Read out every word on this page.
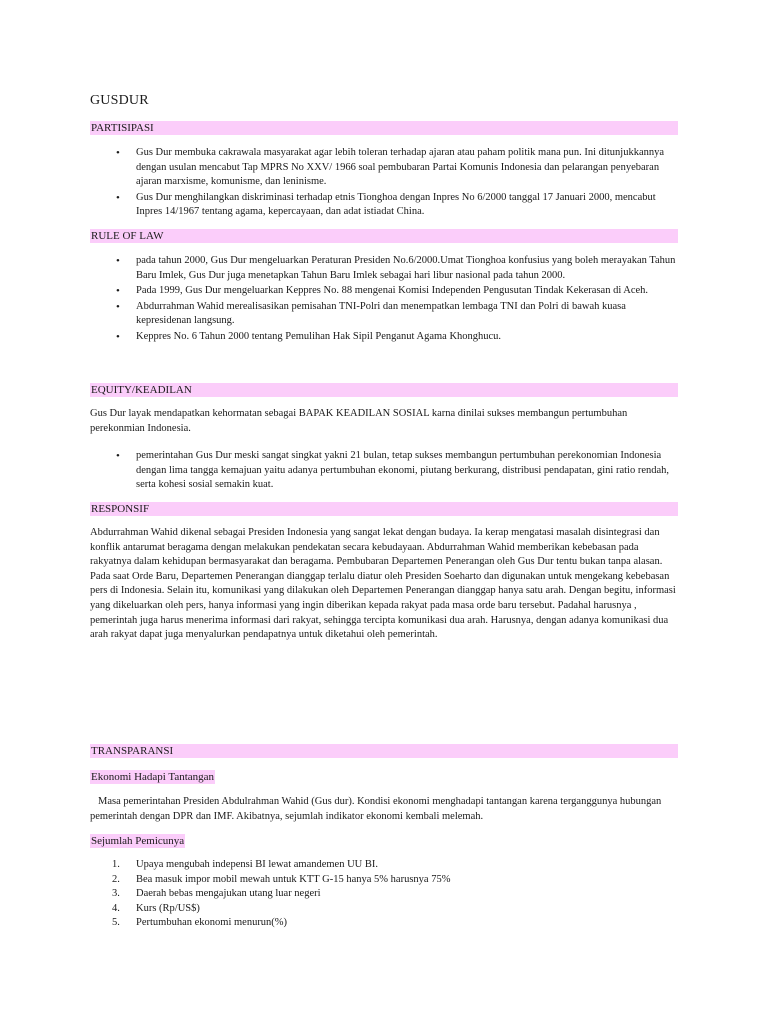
GUSDUR
PARTISIPASI
• Gus Dur membuka cakrawala masyarakat agar lebih toleran terhadap ajaran atau paham politik mana pun. Ini ditunjukkannya dengan usulan mencabut Tap MPRS No XXV/ 1966 soal pembubaran Partai Komunis Indonesia dan pelarangan penyebaran ajaran marxisme, komunisme, dan leninisme.
• Gus Dur menghilangkan diskriminasi terhadap etnis Tionghoa dengan Inpres No 6/2000 tanggal 17 Januari 2000, mencabut Inpres 14/1967 tentang agama, kepercayaan, dan adat istiadat China.
RULE OF LAW
• pada tahun 2000, Gus Dur mengeluarkan Peraturan Presiden No.6/2000.Umat Tionghoa konfusius yang boleh merayakan Tahun Baru Imlek, Gus Dur juga menetapkan Tahun Baru Imlek sebagai hari libur nasional pada tahun 2000.
• Pada 1999, Gus Dur mengeluarkan Keppres No. 88 mengenai Komisi Independen Pengusutan Tindak Kekerasan di Aceh.
• Abdurrahman Wahid merealisasikan pemisahan TNI-Polri dan menempatkan lembaga TNI dan Polri di bawah kuasa kepresidenan langsung.
• Keppres No. 6 Tahun 2000 tentang Pemulihan Hak Sipil Penganut Agama Khonghucu.
EQUITY/KEADILAN

Gus Dur layak mendapatkan kehormatan sebagai BAPAK KEADILAN SOSIAL karna dinilai sukses membangun pertumbuhan perekonmian Indonesia.

• pemerintahan Gus Dur meski sangat singkat yakni 21 bulan, tetap sukses membangun pertumbuhan perekonomian Indonesia dengan lima tangga kemajuan yaitu adanya pertumbuhan ekonomi, piutang berkurang, distribusi pendapatan, gini ratio rendah, serta kohesi sosial semakin kuat.
RESPONSIF

Abdurrahman Wahid dikenal sebagai Presiden Indonesia yang sangat lekat dengan budaya. Ia kerap mengatasi masalah disintegrasi dan konflik antarumat beragama dengan melakukan pendekatan secara kebudayaan. Abdurrahman Wahid memberikan kebebasan pada rakyatnya dalam kehidupan bermasyarakat dan beragama. Pembubaran Departemen Penerangan oleh Gus Dur tentu bukan tanpa alasan. Pada saat Orde Baru, Departemen Penerangan dianggap terlalu diatur oleh Presiden Soeharto dan digunakan untuk mengekang kebebasan pers di Indonesia. Selain itu, komunikasi yang dilakukan oleh Departemen Penerangan dianggap hanya satu arah. Dengan begitu, informasi yang dikeluarkan oleh pers, hanya informasi yang ingin diberikan kepada rakyat pada masa orde baru tersebut. Padahal harusnya , pemerintah juga harus menerima informasi dari rakyat, sehingga tercipta komunikasi dua arah. Harusnya, dengan adanya komunikasi dua arah rakyat dapat juga menyalurkan pendapatnya untuk diketahui oleh pemerintah.

TRANSPARANSI
Ekonomi Hadapi Tantangan

Masa pemerintahan Presiden Abdulrahman Wahid (Gus dur). Kondisi ekonomi menghadapi tantangan karena terganggunya hubungan pemerintah dengan DPR dan IMF. Akibatnya, sejumlah indikator ekonomi kembali melemah.

Sejumlah Pemicunya
1. Upaya mengubah indepensi BI lewat amandemen UU BI.
2. Bea masuk impor mobil mewah untuk KTT G-15 hanya 5% harusnya 75%
3. Daerah bebas mengajukan utang luar negeri
4. Kurs (Rp/US$)
5. Pertumbuhan ekonomi menurun(%)
